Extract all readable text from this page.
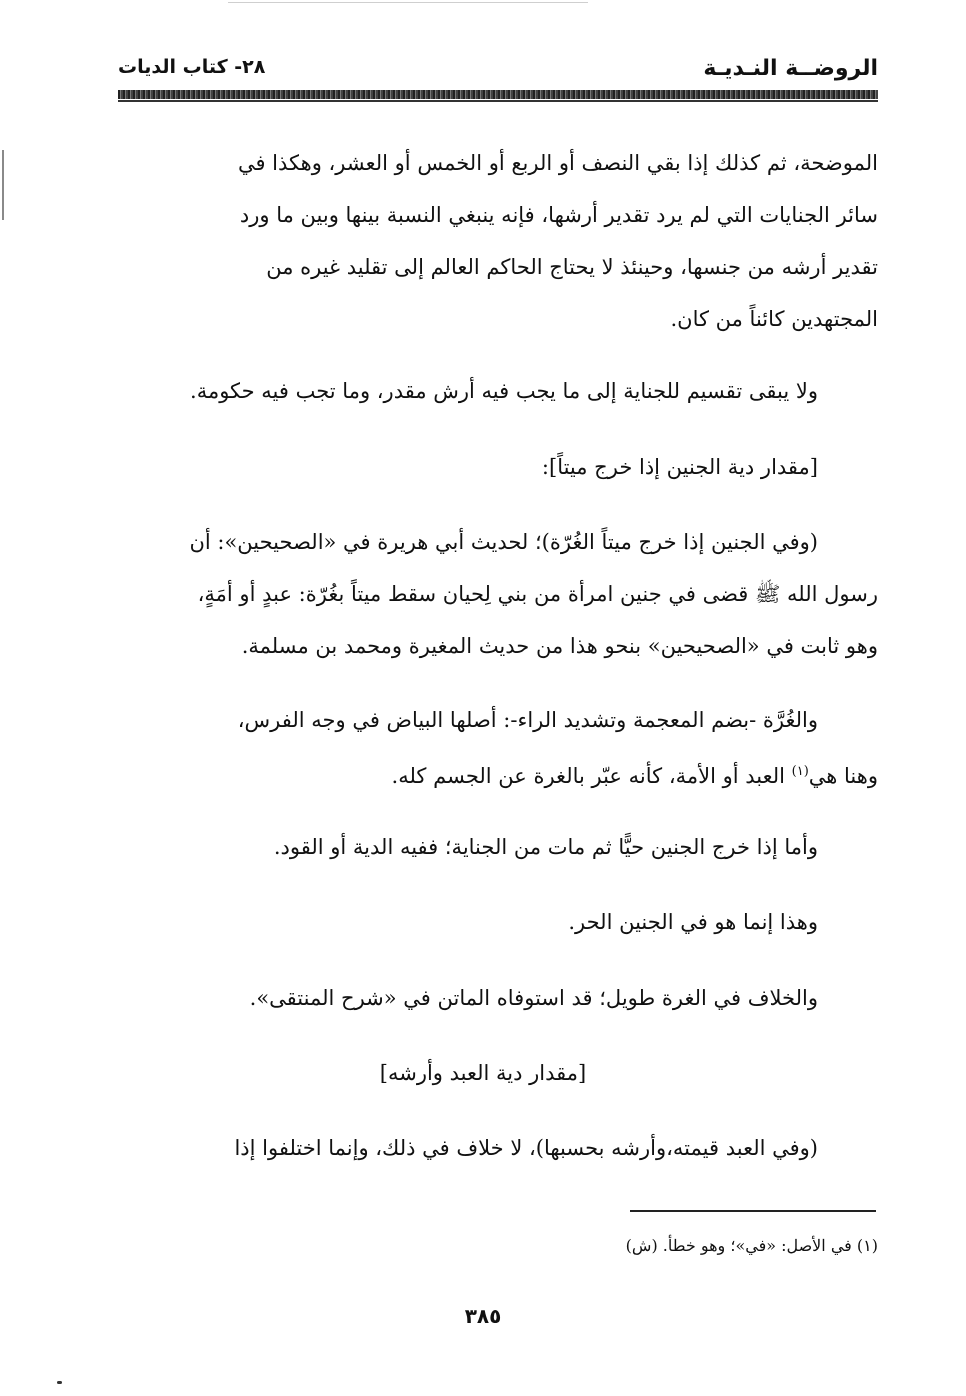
الروضــة النـديـة
٢٨- كتاب الديات
الموضحة، ثم كذلك إذا بقي النصف أو الربع أو الخمس أو العشر، وهكذا في
سائر الجنايات التي لم يرد تقدير أرشها، فإنه ينبغي النسبة بينها وبين ما ورد
تقدير أرشه من جنسها، وحينئذ لا يحتاج الحاكم العالم إلى تقليد غيره من
المجتهدين كائناً من كان.
ولا يبقى تقسيم للجناية إلى ما يجب فيه أرش مقدر، وما تجب فيه حكومة.
[مقدار دية الجنين إذا خرج ميتاً]:
(وفي الجنين إذا خرج ميتاً الغُرّة)؛ لحديث أبي هريرة في «الصحيحين»: أن
رسول الله ﷺ قضى في جنين امرأة من بني لِحيان سقط ميتاً بغُرّة: عبدٍ أو أمَةٍ،
وهو ثابت في «الصحيحين» بنحو هذا من حديث المغيرة ومحمد بن مسلمة.
والغُرَّة -بضم المعجمة وتشديد الراء-: أصلها البياض في وجه الفرس،
وهنا هي$^{(١)}$ العبد أو الأمة، كأنه عبّر بالغرة عن الجسم كله.
وأما إذا خرج الجنين حيًّا ثم مات من الجناية؛ ففيه الدية أو القود.
وهذا إنما هو في الجنين الحر.
والخلاف في الغرة طويل؛ قد استوفاه الماتن في «شرح المنتقى».
[مقدار دية العبد وأرشه]
(وفي العبد قيمته،وأرشه بحسبها)، لا خلاف في ذلك، وإنما اختلفوا إذا
(١) في الأصل: «في»؛ وهو خطأ. (ش)
٣٨٥
